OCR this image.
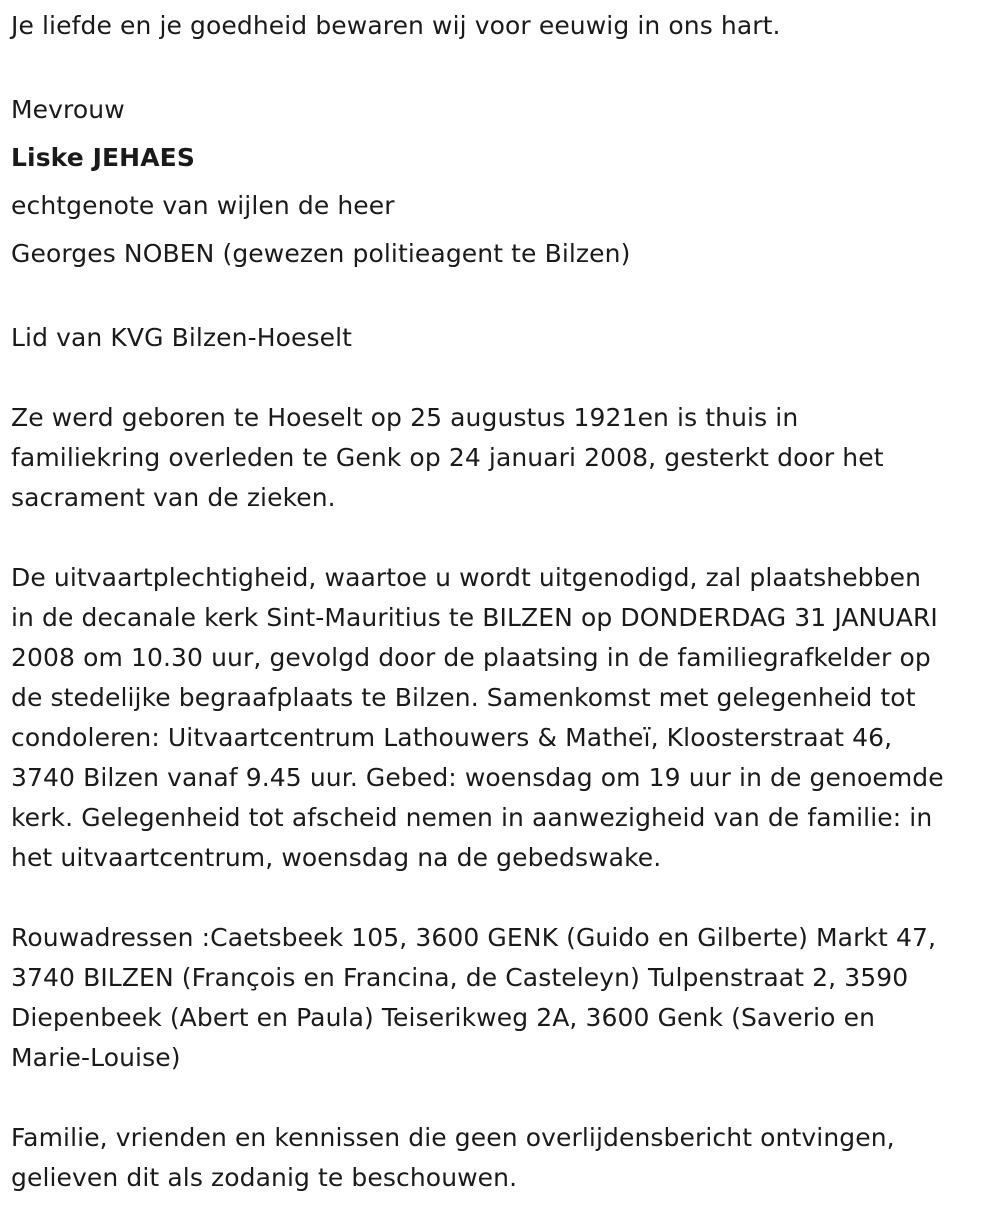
Je liefde en je goedheid bewaren wij voor eeuwig in ons hart.

Mevrouw

Liske JEHAES

echtgenote van wijlen de heer

Georges NOBEN (gewezen politieagent te Bilzen)

Lid van KVG Bilzen-Hoeselt

Ze werd geboren te Hoeselt op 25 augustus 1921en is thuis in

familiekring overleden te Genk op 24 januari 2008, gesterkt door het

sacrament van de zieken.

De uitvaartplechtigheid, waartoe u wordt uitgenodigd, zal plaatshebben

in de decanale kerk Sint-Mauritius te BILZEN op DONDERDAG 31 JANUARI

2008 om 10.30 uur, gevolgd door de plaatsing in de familiegrafkelder op

de stedelijke begraafplaats te Bilzen. Samenkomst met gelegenheid tot

condoleren: Uitvaartcentrum Lathouwers & Matheï, Kloosterstraat 46,

3740 Bilzen vanaf 9.45 uur. Gebed: woensdag om 19 uur in de genoemde

kerk. Gelegenheid tot afscheid nemen in aanwezigheid van de familie: in

het uitvaartcentrum, woensdag na de gebedswake.

Rouwadressen :Caetsbeek 105, 3600 GENK (Guido en Gilberte) Markt 47,

3740 BILZEN (François en Francina, de Casteleyn) Tulpenstraat 2, 3590

Diepenbeek (Abert en Paula) Teiserikweg 2A, 3600 Genk (Saverio en

Marie-Louise)

Familie, vrienden en kennissen die geen overlijdensbericht ontvingen,

gelieven dit als zodanig te beschouwen.
